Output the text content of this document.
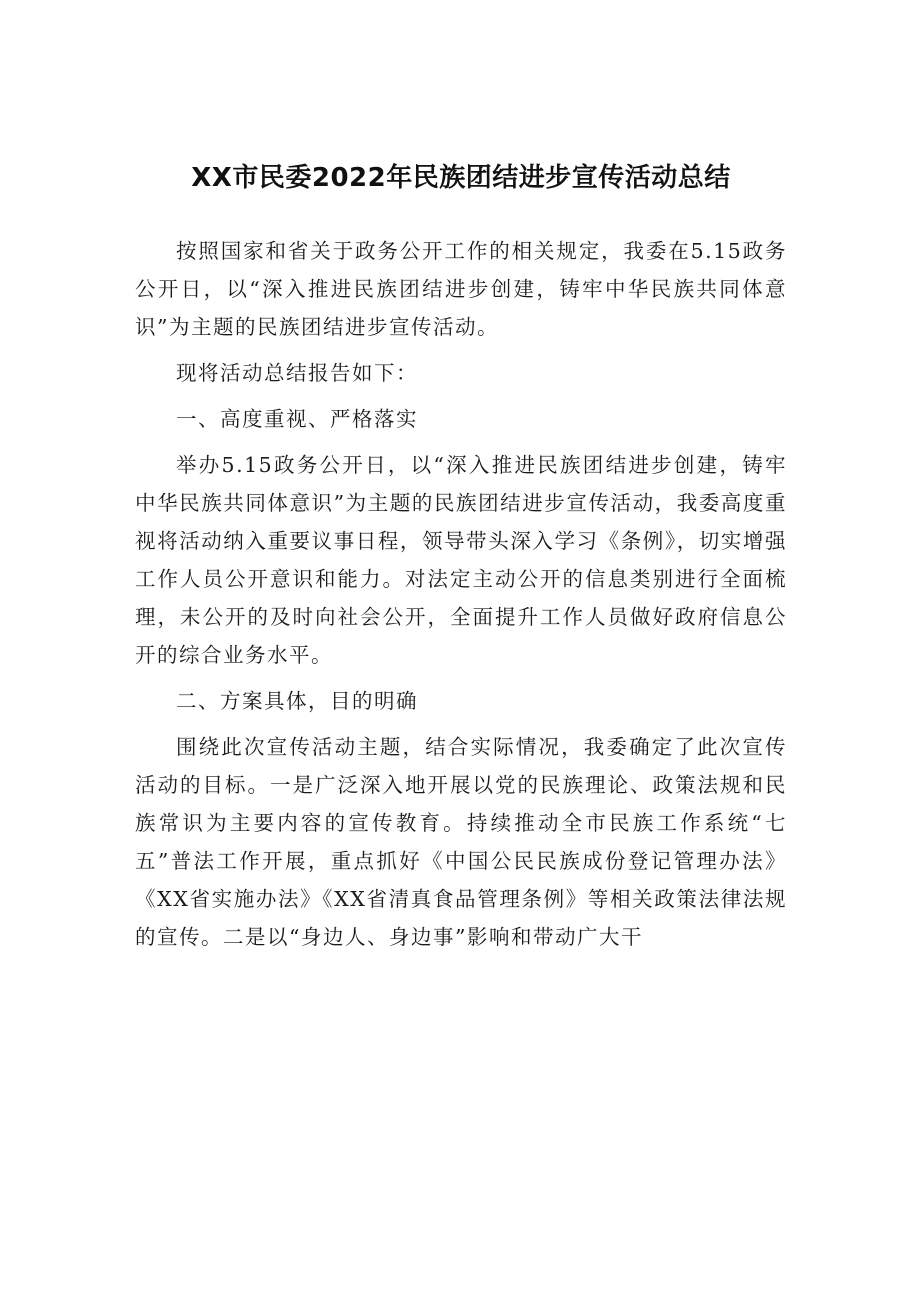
XX市民委2022年民族团结进步宣传活动总结

按照国家和省关于政务公开工作的相关规定，我委在5.15政务公开日，以“深入推进民族团结进步创建，铸牢中华民族共同体意识”为主题的民族团结进步宣传活动。

现将活动总结报告如下：

一、高度重视、严格落实

举办5.15政务公开日，以“深入推进民族团结进步创建，铸牢中华民族共同体意识”为主题的民族团结进步宣传活动，我委高度重视将活动纳入重要议事日程，领导带头深入学习《条例》，切实增强工作人员公开意识和能力。对法定主动公开的信息类别进行全面梳理，未公开的及时向社会公开，全面提升工作人员做好政府信息公开的综合业务水平。

二、方案具体，目的明确

围绕此次宣传活动主题，结合实际情况，我委确定了此次宣传活动的目标。一是广泛深入地开展以党的民族理论、政策法规和民族常识为主要内容的宣传教育。持续推动全市民族工作系统“七五”普法工作开展，重点抓好《中国公民民族成份登记管理办法》《XX省实施办法》《XX省清真食品管理条例》等相关政策法律法规的宣传。二是以“身边人、身边事”影响和带动广大干
